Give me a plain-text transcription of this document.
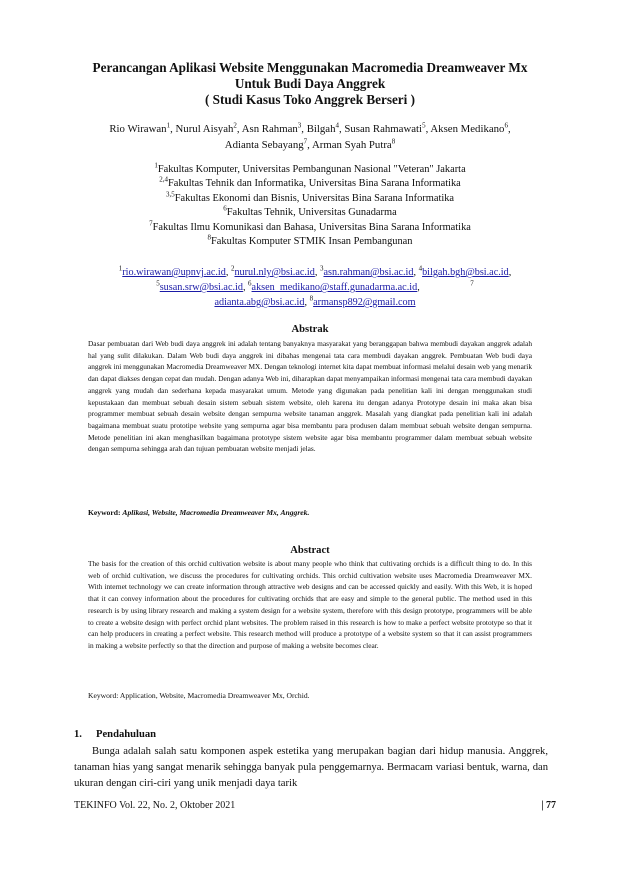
Perancangan Aplikasi Website Menggunakan Macromedia Dreamweaver Mx
Untuk Budi Daya Anggrek
( Studi Kasus Toko Anggrek Berseri )
Rio Wirawan$^1$, Nurul Aisyah$^2$, Asn Rahman$^3$, Bilgah$^4$, Susan Rahmawati$^5$, Aksen Medikano$^6$,
Adianta Sebayang$^7$, Arman Syah Putra$^8$
$^1$Fakultas Komputer, Universitas Pembangunan Nasional "Veteran" Jakarta
$^{2,4}$Fakultas Tehnik dan Informatika, Universitas Bina Sarana Informatika
$^{3,5}$Fakultas Ekonomi dan Bisnis, Universitas Bina Sarana Informatika
$^6$Fakultas Tehnik, Universitas Gunadarma
$^7$Fakultas Ilmu Komunikasi dan Bahasa, Universitas Bina Sarana Informatika
$^8$Fakultas Komputer STMIK Insan Pembangunan
$^1$rio.wirawan@upnvj.ac.id, $^2$nurul.nly@bsi.ac.id, $^3$asn.rahman@bsi.ac.id, $^4$bilgah.bgh@bsi.ac.id,
$^5$susan.srw@bsi.ac.id, $^6$aksen_medikano@staff.gunadarma.ac.id,	$^7$
adianta.abg@bsi.ac.id, $^8$armansp892@gmail.com
Abstrak
Dasar pembuatan dari Web budi daya anggrek ini adalah tentang banyaknya masyarakat yang beranggapan bahwa membudi dayakan anggrek adalah hal yang sulit dilakukan. Dalam Web budi daya anggrek ini dibahas mengenai tata cara membudi dayakan anggrek. Pembuatan Web budi daya anggrek ini menggunakan Macromedia Dreamweaver MX. Dengan teknologi internet kita dapat membuat informasi melalui desain web yang menarik dan dapat diakses dengan cepat dan mudah. Dengan adanya Web ini, diharapkan dapat menyampaikan informasi mengenai tata cara membudi dayakan anggrek yang mudah dan sederhana kepada masyarakat umum. Metode yang digunakan pada penelitian kali ini dengan menggunakan studi kepustakaan dan membuat sebuah desain sistem sebuah sistem website, oleh karena itu dengan adanya Prototype desain ini maka akan bisa programmer membuat sebuah desain website dengan sempurna website tanaman anggrek. Masalah yang diangkat pada penelitian kali ini adalah bagaimana membuat suatu prototipe website yang sempurna agar bisa membantu para produsen dalam membuat sebuah website dengan sempurna. Metode penelitian ini akan menghasilkan bagaimana prototype sistem website agar bisa membantu programmer dalam membuat sebuah website dengan sempurna sehingga arah dan tujuan pembuatan website menjadi jelas.
Keyword: Aplikasi, Website, Macromedia Dreamweaver Mx, Anggrek.
Abstract
The basis for the creation of this orchid cultivation website is about many people who think that cultivating orchids is a difficult thing to do. In this web of orchid cultivation, we discuss the procedures for cultivating orchids. This orchid cultivation website uses Macromedia Dreamweaver MX. With internet technology we can create information through attractive web designs and can be accessed quickly and easily. With this Web, it is hoped that it can convey information about the procedures for cultivating orchids that are easy and simple to the general public. The method used in this research is by using library research and making a system design for a website system, therefore with this design prototype, programmers will be able to create a website design with perfect orchid plant websites. The problem raised in this research is how to make a perfect website prototype so that it can help producers in creating a perfect website. This research method will produce a prototype of a website system so that it can assist programmers in making a website perfectly so that the direction and purpose of making a website becomes clear.
Keyword: Application, Website, Macromedia Dreamweaver Mx, Orchid.
1. Pendahuluan

Bunga adalah salah satu komponen aspek estetika yang merupakan bagian dari hidup manusia. Anggrek, tanaman hias yang sangat menarik sehingga banyak pula penggemarnya. Bermacam variasi bentuk, warna, dan ukuran dengan ciri-ciri yang unik menjadi daya tarik

TEKINFO Vol. 22, No. 2, Oktober 2021	| 77
